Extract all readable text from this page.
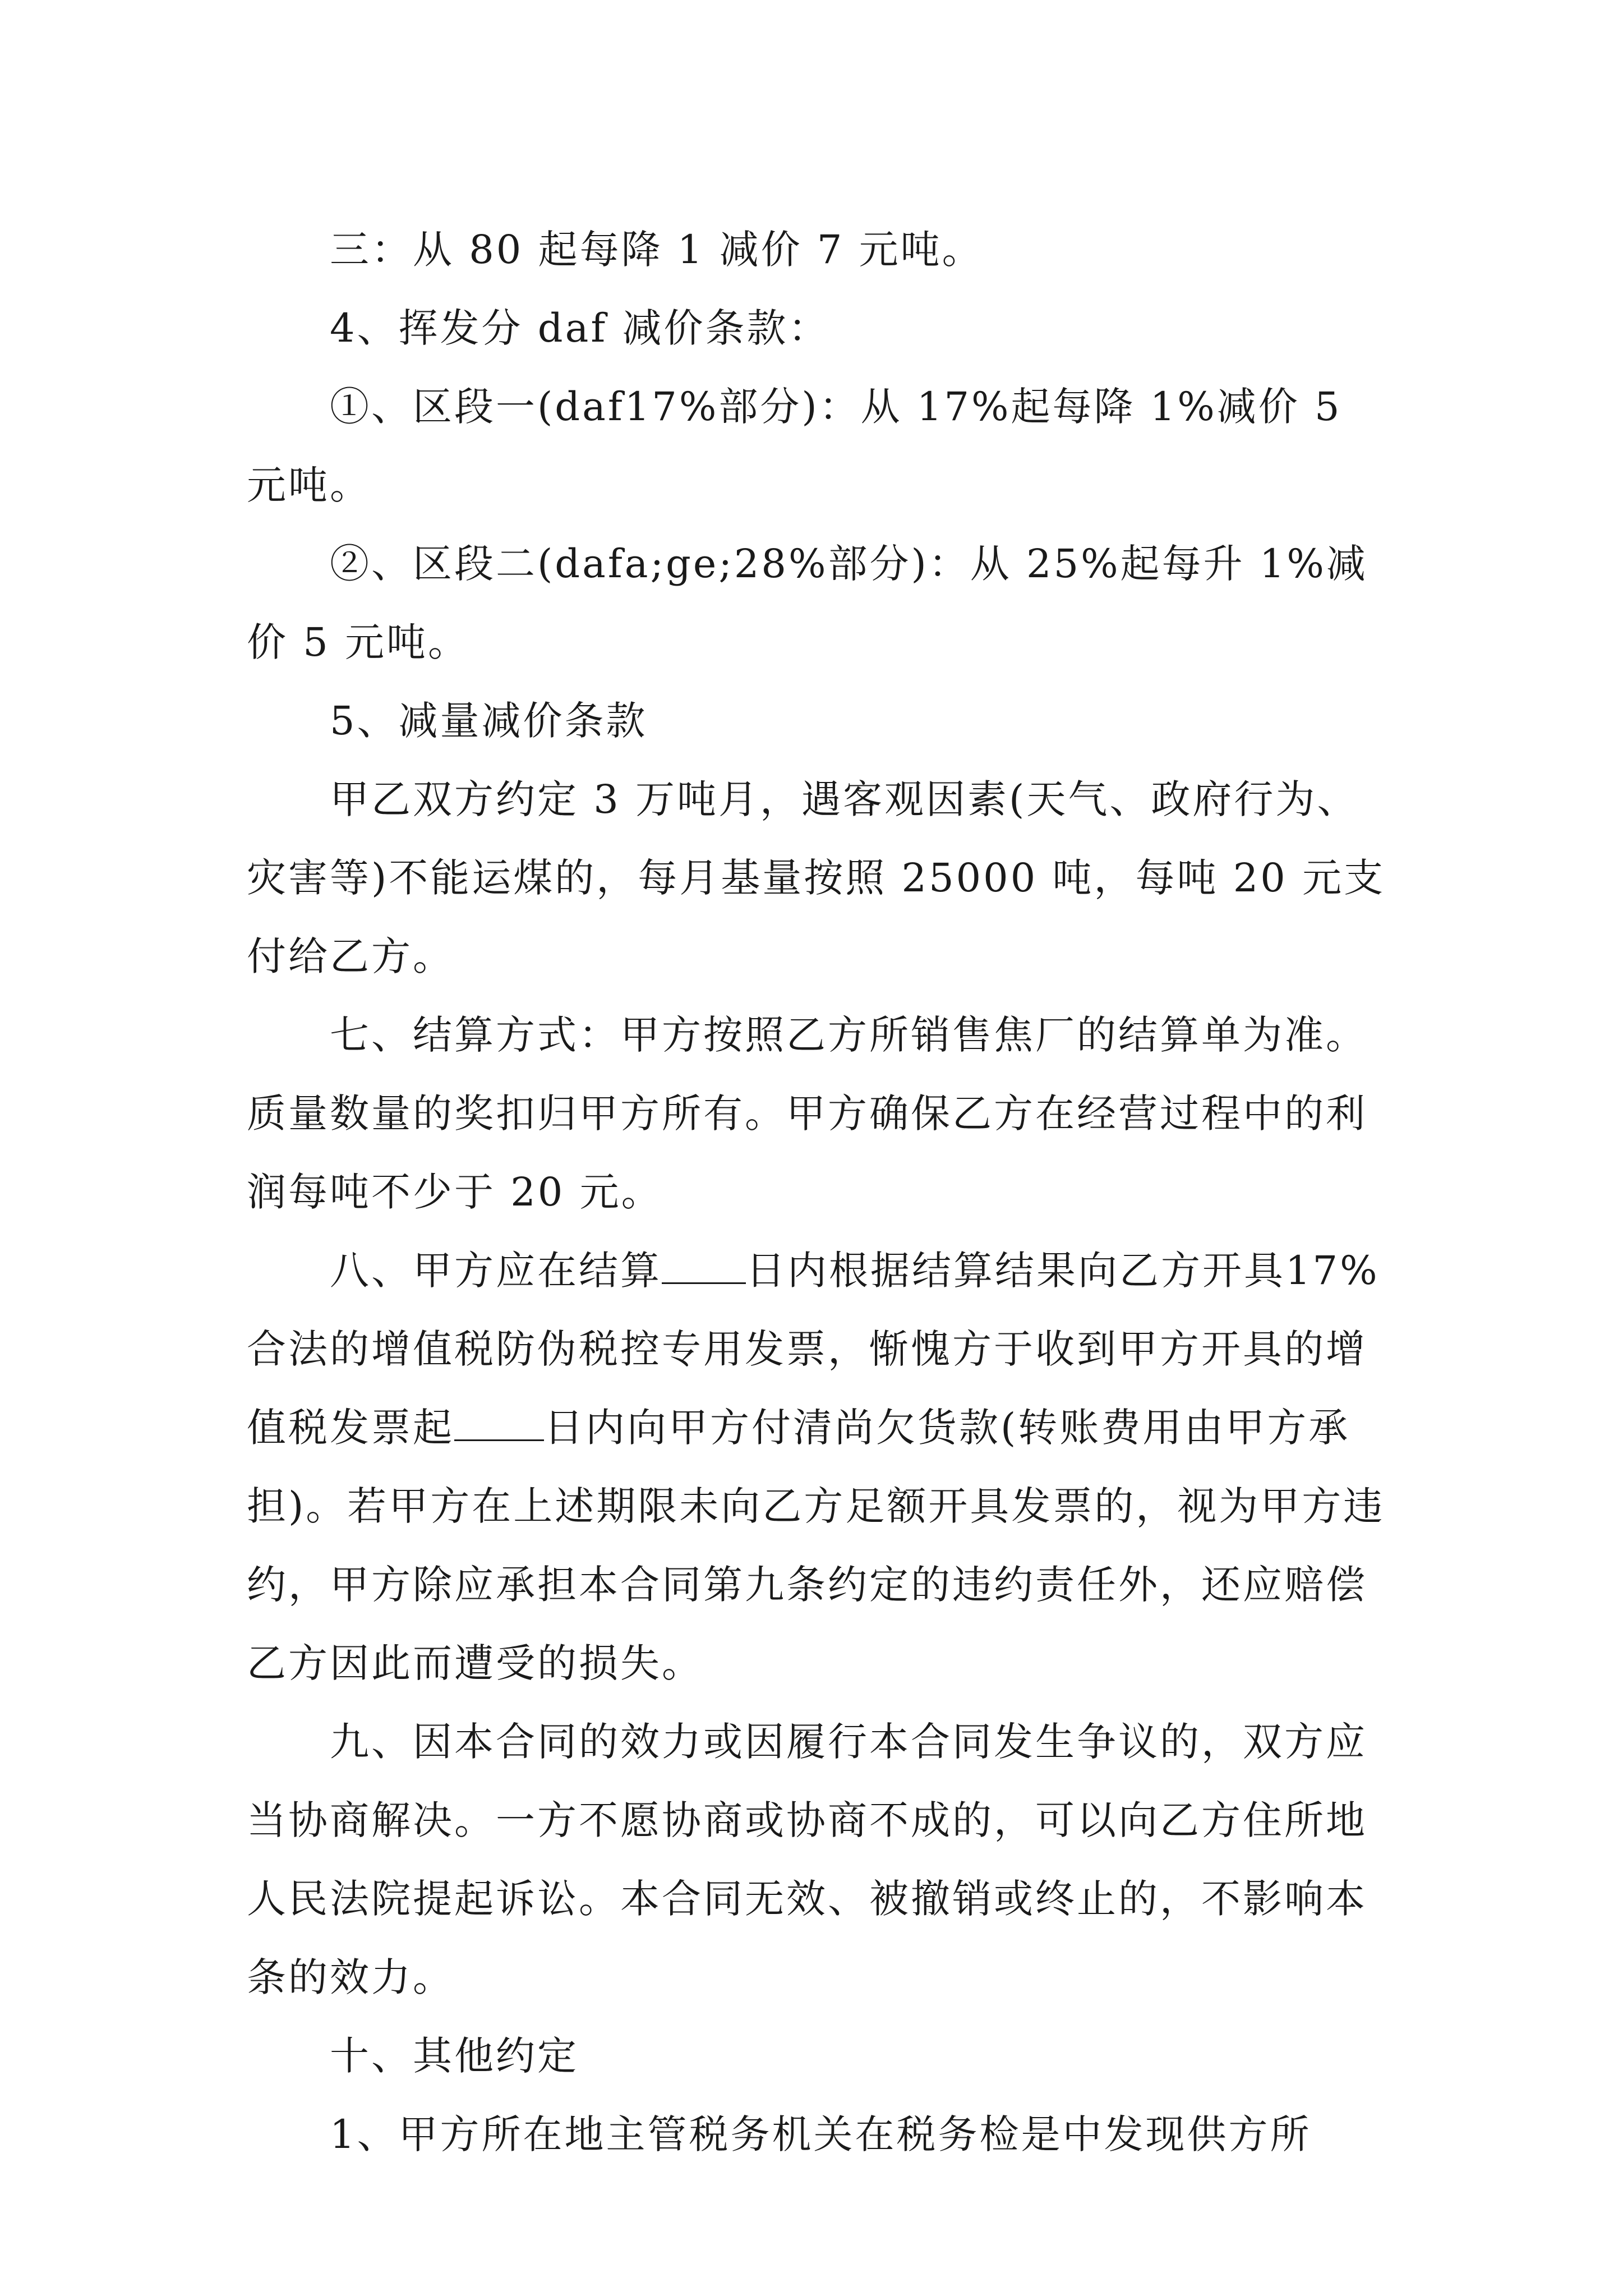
三：从 80 起每降 1 减价 7 元吨。

4、挥发分 daf 减价条款：

①、区段一(daf17%部分)：从 17%起每降 1%减价 5 元吨。

②、区段二(dafa;ge;28%部分)：从 25%起每升 1%减价 5 元吨。

5、减量减价条款

甲乙双方约定 3 万吨月，遇客观因素(天气、政府行为、灾害等)不能运煤的，每月基量按照 25000 吨，每吨 20 元支付给乙方。

七、结算方式：甲方按照乙方所销售焦厂的结算单为准。质量数量的奖扣归甲方所有。甲方确保乙方在经营过程中的利润每吨不少于 20 元。

八、甲方应在结算 日内根据结算结果向乙方开具17%合法的增值税防伪税控专用发票，惭愧方于收到甲方开具的增值税发票起 日内向甲方付清尚欠货款(转账费用由甲方承担)。若甲方在上述期限未向乙方足额开具发票的，视为甲方违约，甲方除应承担本合同第九条约定的违约责任外，还应赔偿乙方因此而遭受的损失。

九、因本合同的效力或因履行本合同发生争议的，双方应当协商解决。一方不愿协商或协商不成的，可以向乙方住所地人民法院提起诉讼。本合同无效、被撤销或终止的，不影响本条的效力。

十、其他约定

1、甲方所在地主管税务机关在税务检是中发现供方所
